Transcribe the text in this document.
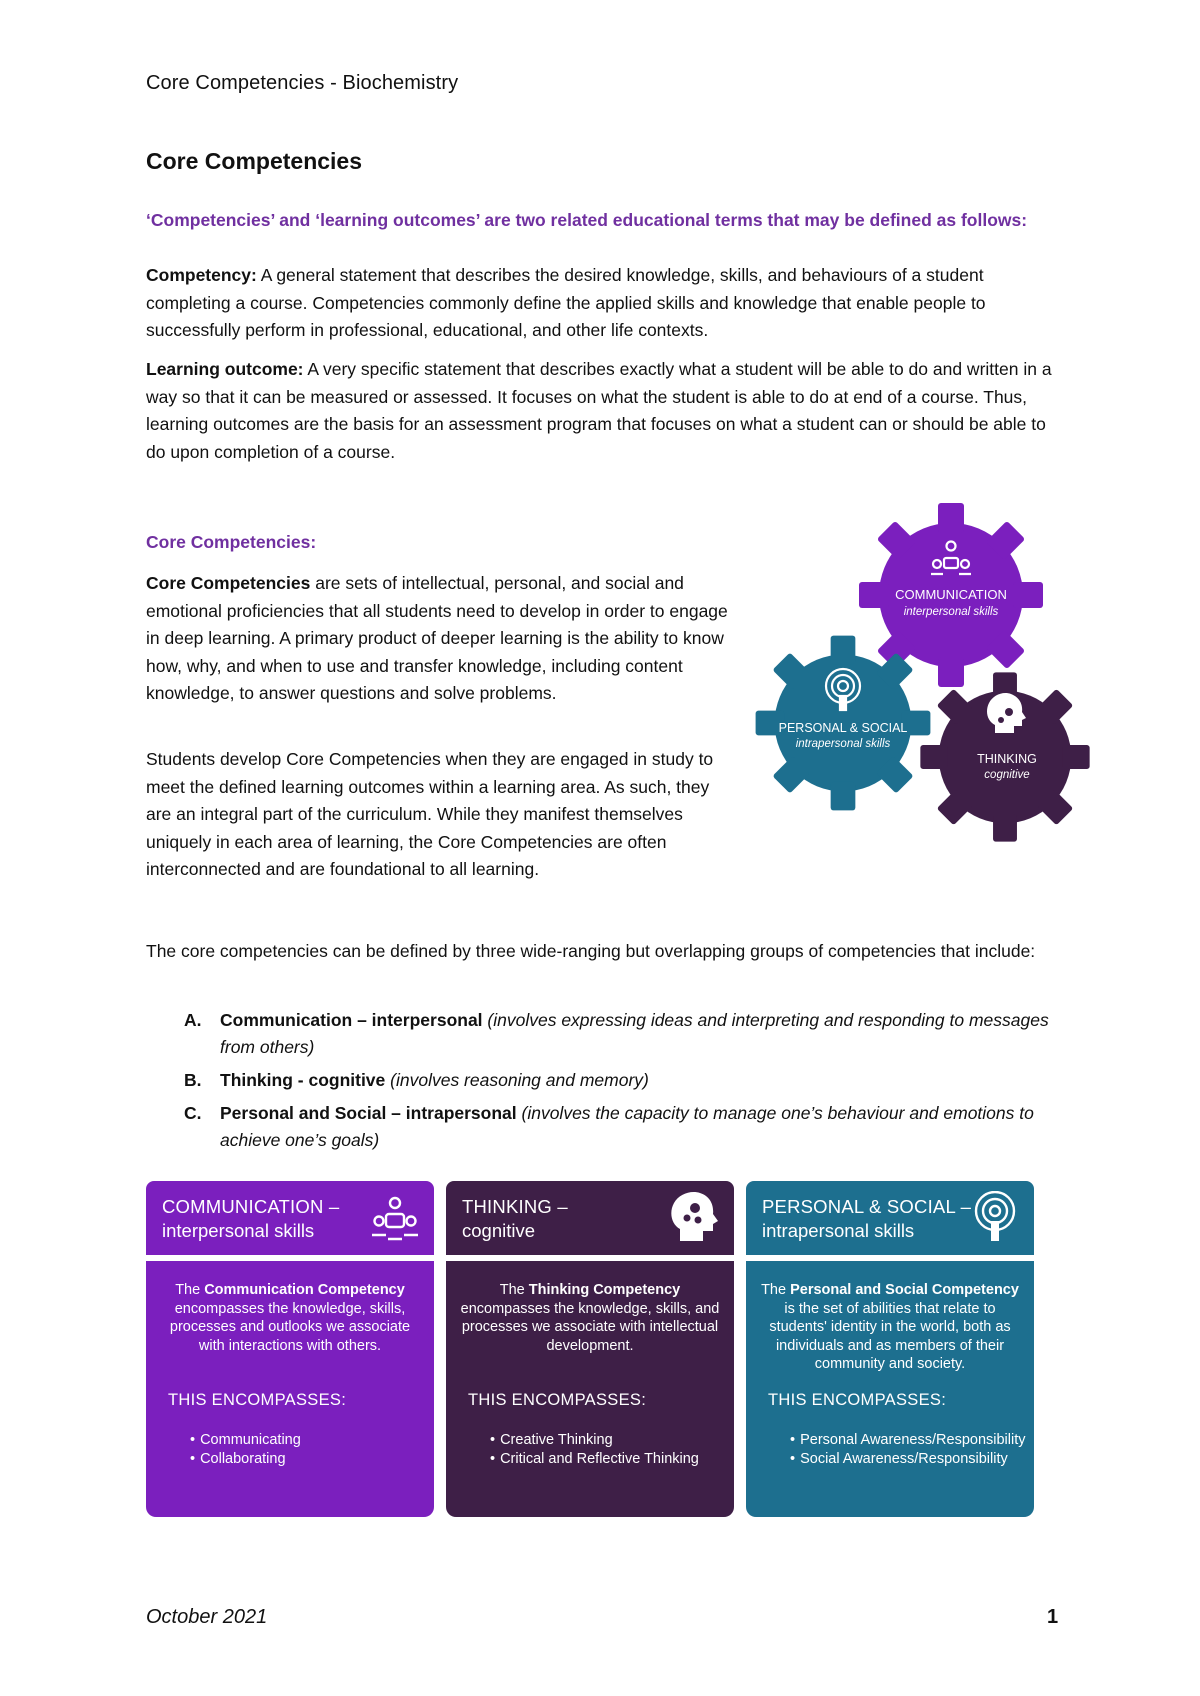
Core Competencies - Biochemistry
Core Competencies
‘Competencies’ and ‘learning outcomes’ are two related educational terms that may be defined as follows:
Competency: A general statement that describes the desired knowledge, skills, and behaviours of a student completing a course. Competencies commonly define the applied skills and knowledge that enable people to successfully perform in professional, educational, and other life contexts.
Learning outcome: A very specific statement that describes exactly what a student will be able to do and written in a way so that it can be measured or assessed. It focuses on what the student is able to do at end of a course. Thus, learning outcomes are the basis for an assessment program that focuses on what a student can or should be able to do upon completion of a course.
Core Competencies:
Core Competencies are sets of intellectual, personal, and social and emotional proficiencies that all students need to develop in order to engage in deep learning. A primary product of deeper learning is the ability to know how, why, and when to use and transfer knowledge, including content knowledge, to answer questions and solve problems.
Students develop Core Competencies when they are engaged in study to meet the defined learning outcomes within a learning area. As such, they are an integral part of the curriculum. While they manifest themselves uniquely in each area of learning, the Core Competencies are often interconnected and are foundational to all learning.
COMMUNICATION
interpersonal skills
PERSONAL & SOCIAL
intrapersonal skills
THINKING
cognitive
The core competencies can be defined by three wide-ranging but overlapping groups of competencies that include:
A. Communication – interpersonal (involves expressing ideas and interpreting and responding to messages from others)
B. Thinking - cognitive (involves reasoning and memory)
C. Personal and Social – intrapersonal (involves the capacity to manage one’s behaviour and emotions to achieve one’s goals)
COMMUNICATION –
interpersonal skills
The Communication Competency encompasses the knowledge, skills, processes and outlooks we associate with interactions with others.
THIS ENCOMPASSES:
• Communicating
• Collaborating
THINKING –
cognitive
The Thinking Competency encompasses the knowledge, skills, and processes we associate with intellectual development.
THIS ENCOMPASSES:
• Creative Thinking
• Critical and Reflective Thinking
PERSONAL & SOCIAL –
intrapersonal skills
The Personal and Social Competency is the set of abilities that relate to students' identity in the world, both as individuals and as members of their community and society.
THIS ENCOMPASSES:
• Personal Awareness/Responsibility
• Social Awareness/Responsibility
October 2021	1
